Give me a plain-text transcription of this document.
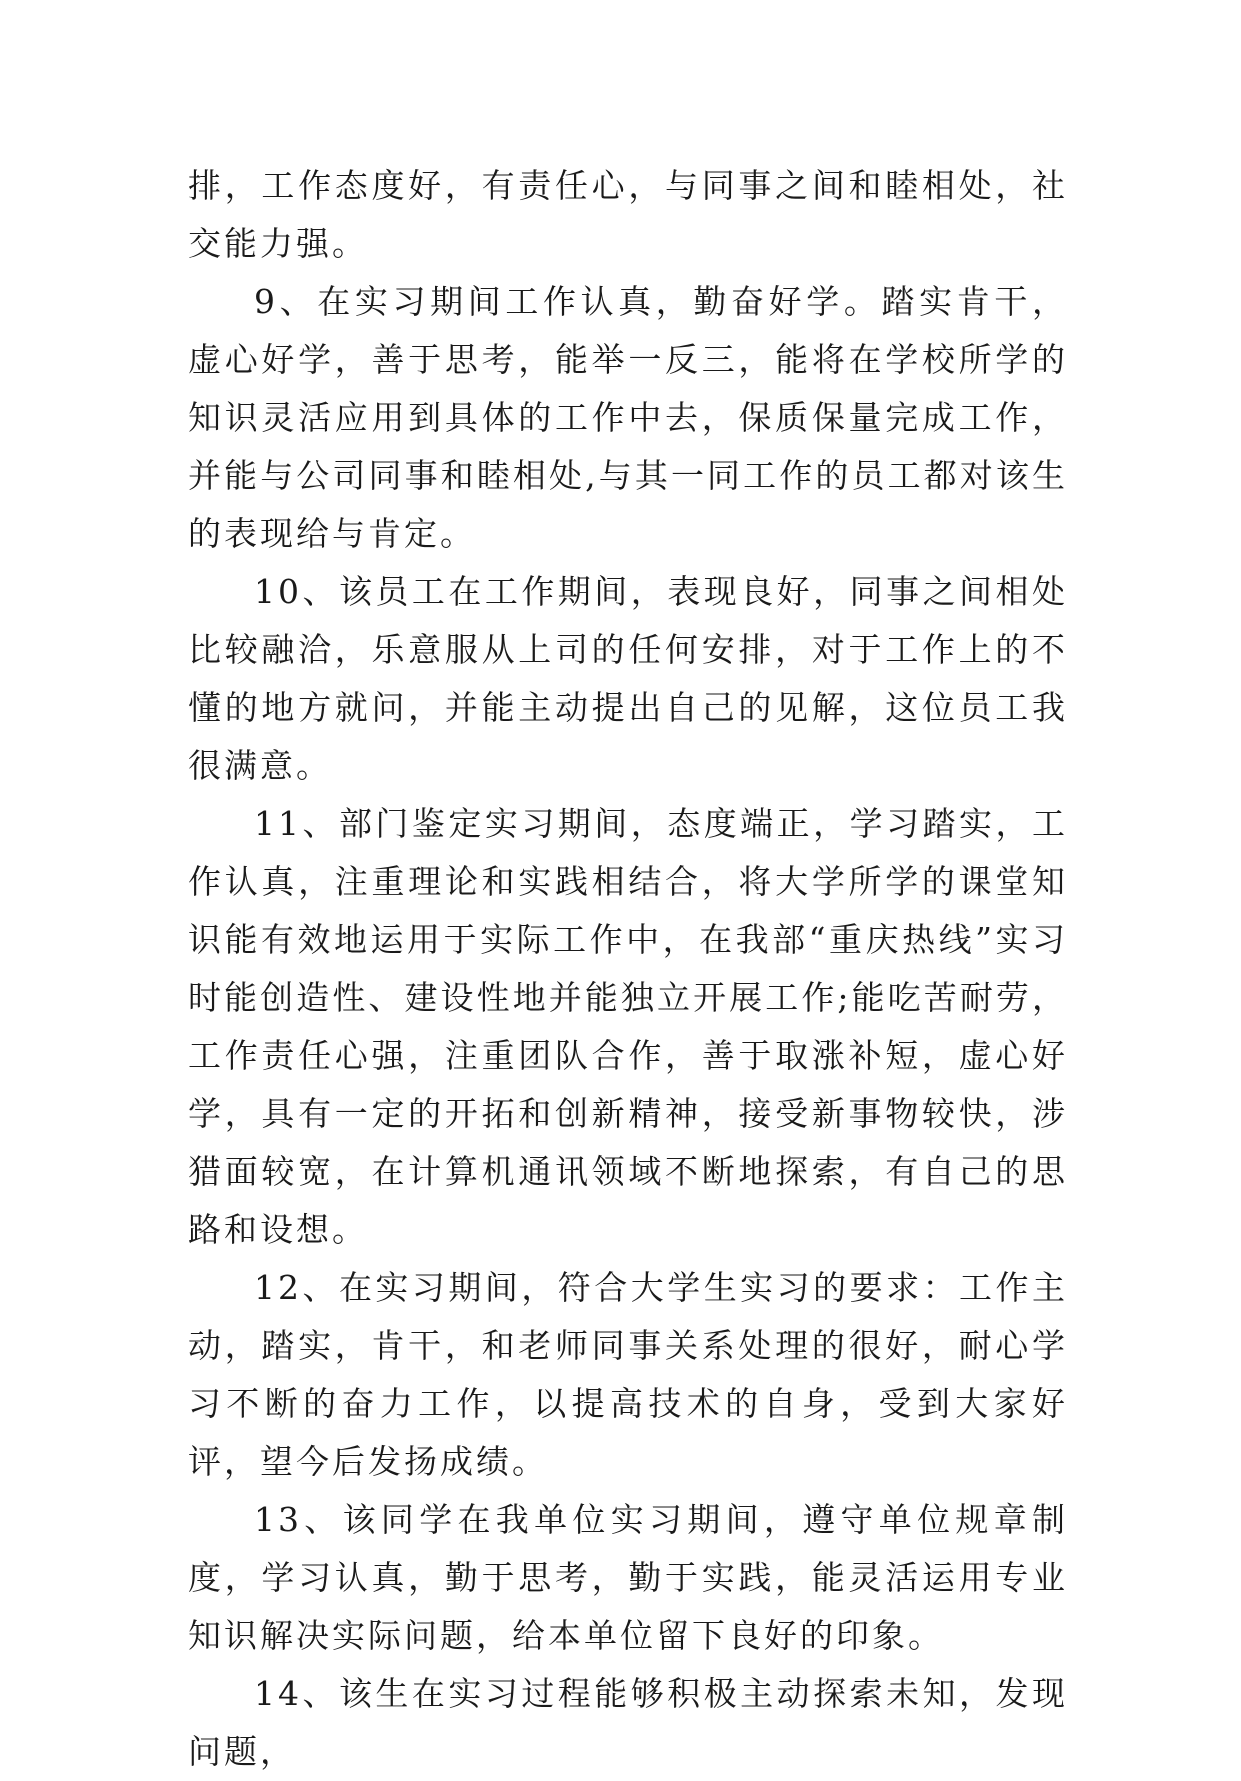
排，工作态度好，有责任心，与同事之间和睦相处，社交能力强。

9、在实习期间工作认真，勤奋好学。踏实肯干，虚心好学，善于思考，能举一反三，能将在学校所学的知识灵活应用到具体的工作中去，保质保量完成工作，并能与公司同事和睦相处,与其一同工作的员工都对该生的表现给与肯定。

10、该员工在工作期间，表现良好，同事之间相处比较融洽，乐意服从上司的任何安排，对于工作上的不懂的地方就问，并能主动提出自己的见解，这位员工我很满意。

11、部门鉴定实习期间，态度端正，学习踏实，工作认真，注重理论和实践相结合，将大学所学的课堂知识能有效地运用于实际工作中，在我部“重庆热线”实习时能创造性、建设性地并能独立开展工作;能吃苦耐劳，工作责任心强，注重团队合作，善于取涨补短，虚心好学，具有一定的开拓和创新精神，接受新事物较快，涉猎面较宽，在计算机通讯领域不断地探索，有自己的思路和设想。

12、在实习期间，符合大学生实习的要求：工作主动，踏实，肯干，和老师同事关系处理的很好，耐心学习不断的奋力工作，以提高技术的自身，受到大家好评，望今后发扬成绩。

13、该同学在我单位实习期间，遵守单位规章制度，学习认真，勤于思考，勤于实践，能灵活运用专业知识解决实际问题，给本单位留下良好的印象。

14、该生在实习过程能够积极主动探索未知，发现问题，
